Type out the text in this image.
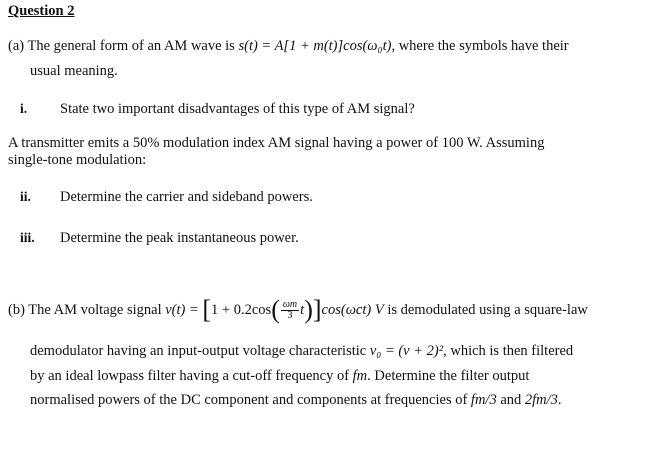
Question 2
(a) The general form of an AM wave is s(t) = A[1 + m(t)]cos(ω₀t), where the symbols have their
usual meaning.
i. State two important disadvantages of this type of AM signal?
A transmitter emits a 50% modulation index AM signal having a power of 100 W. Assuming
single-tone modulation:
ii. Determine the carrier and sideband powers.
iii. Determine the peak instantaneous power.
(b) The AM voltage signal $v(t) = [1 + 0.2\cos( \frac{\omega m}{3} t)]\cos(\omega ct)$ V is demodulated using a square-law
demodulator having an input-output voltage characteristic v₀ = (v + 2)², which is then filtered
by an ideal lowpass filter having a cut-off frequency of fm. Determine the filter output
normalised powers of the DC component and components at frequencies of fm/3 and 2fm/3.
